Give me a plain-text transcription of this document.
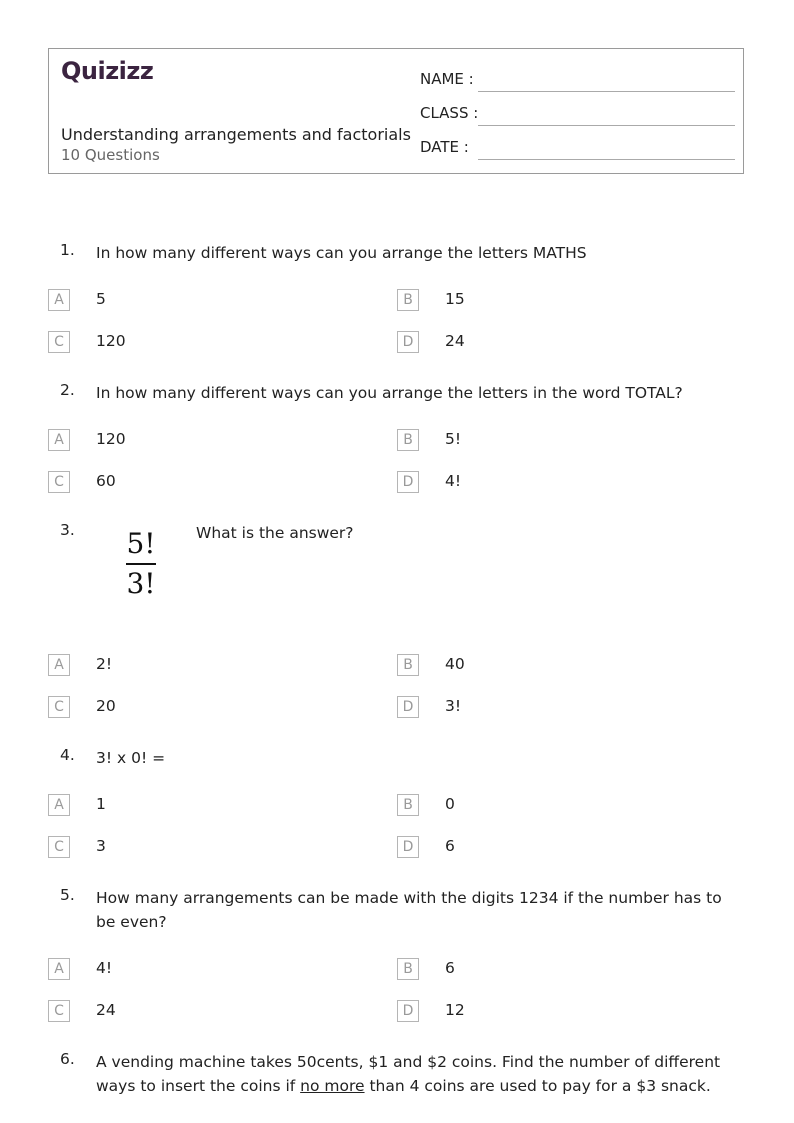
Quizizz
Understanding arrangements and factorials
10 Questions
NAME :
CLASS :
DATE :
1. In how many different ways can you arrange the letters MATHS
A	5	B	15
C	120	D	24
2. In how many different ways can you arrange the letters in the word TOTAL?
A	120	B	5!
C	60	D	4!
3. 5!
3!
What is the answer?
A	2!	B	40
C	20	D	3!
4. 3! x 0! =
A	1	B	0
C	3	D	6
5. How many arrangements can be made with the digits 1234 if the number has to be even?
A	4!	B	6
C	24	D	12
6. A vending machine takes 50cents, $1 and $2 coins. Find the number of different ways to insert the coins if no more than 4 coins are used to pay for a $3 snack.
